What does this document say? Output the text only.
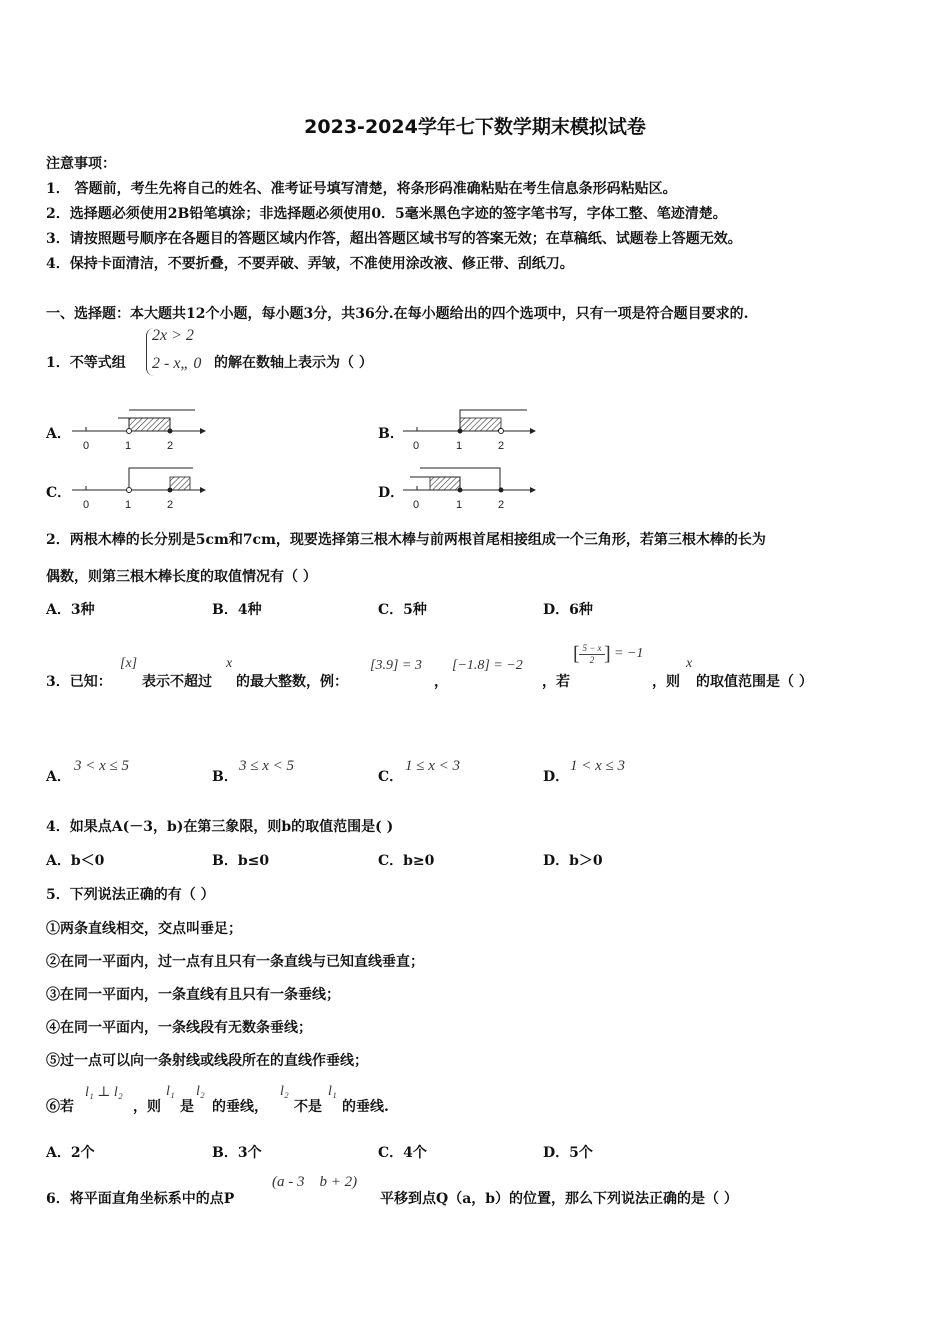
2023-2024学年七下数学期末模拟试卷
注意事项：
1． 答题前，考生先将自己的姓名、准考证号填写清楚，将条形码准确粘贴在考生信息条形码粘贴区。
2．选择题必须使用2B铅笔填涂；非选择题必须使用0．5毫米黑色字迹的签字笔书写，字体工整、笔迹清楚。
3．请按照题号顺序在各题目的答题区域内作答，超出答题区域书写的答案无效；在草稿纸、试题卷上答题无效。
4．保持卡面清洁，不要折叠，不要弄破、弄皱，不准使用涂改液、修正带、刮纸刀。
一、选择题：本大题共12个小题，每小题3分，共36分.在每小题给出的四个选项中，只有一项是符合题目要求的.
1．不等式组
2x > 2
2 - x„ 0 的解在数轴上表示为（ ）
A．	B．
C．	D．
0	1	2	0	1	2
0	1	2	0	1	2
2．两根木棒的长分别是5cm和7cm，现要选择第三根木棒与前两根首尾相接组成一个三角形，若第三根木棒的长为
偶数，则第三根木棒长度的取值情况有（ ）
A．3种	B．4种	C．5种	D．6种
3．已知：
[x]
表示不超过
x
的最大整数，例：
[3.9] = 3
，
[−1.8] = −2
，若
5 − x
2
[ ] = −1
，则
x
的取值范围是（ ）
A．
3 < x ≤ 5
B．
3 ≤ x < 5
C．
1 ≤ x < 3
D．
1 < x ≤ 3
4．如果点A(－3，b)在第三象限，则b的取值范围是( )
A．b＜0	B．b≤0	C．b≥0	D．b＞0
5．下列说法正确的有（ ）
①两条直线相交，交点叫垂足；
②在同一平面内，过一点有且只有一条直线与已知直线垂直；
③在同一平面内，一条直线有且只有一条垂线；
④在同一平面内，一条线段有无数条垂线；
⑤过一点可以向一条射线或线段所在的直线作垂线；
⑥若
l₁ ⊥ l₂
，则
l₁
是
l₂
的垂线，
l₂
不是
l₁
的垂线.
A．2个	B．3个	C．4个	D．5个
6．将平面直角坐标系中的点P
(a - 3    b + 2)
平移到点Q（a，b）的位置，那么下列说法正确的是（ ）
